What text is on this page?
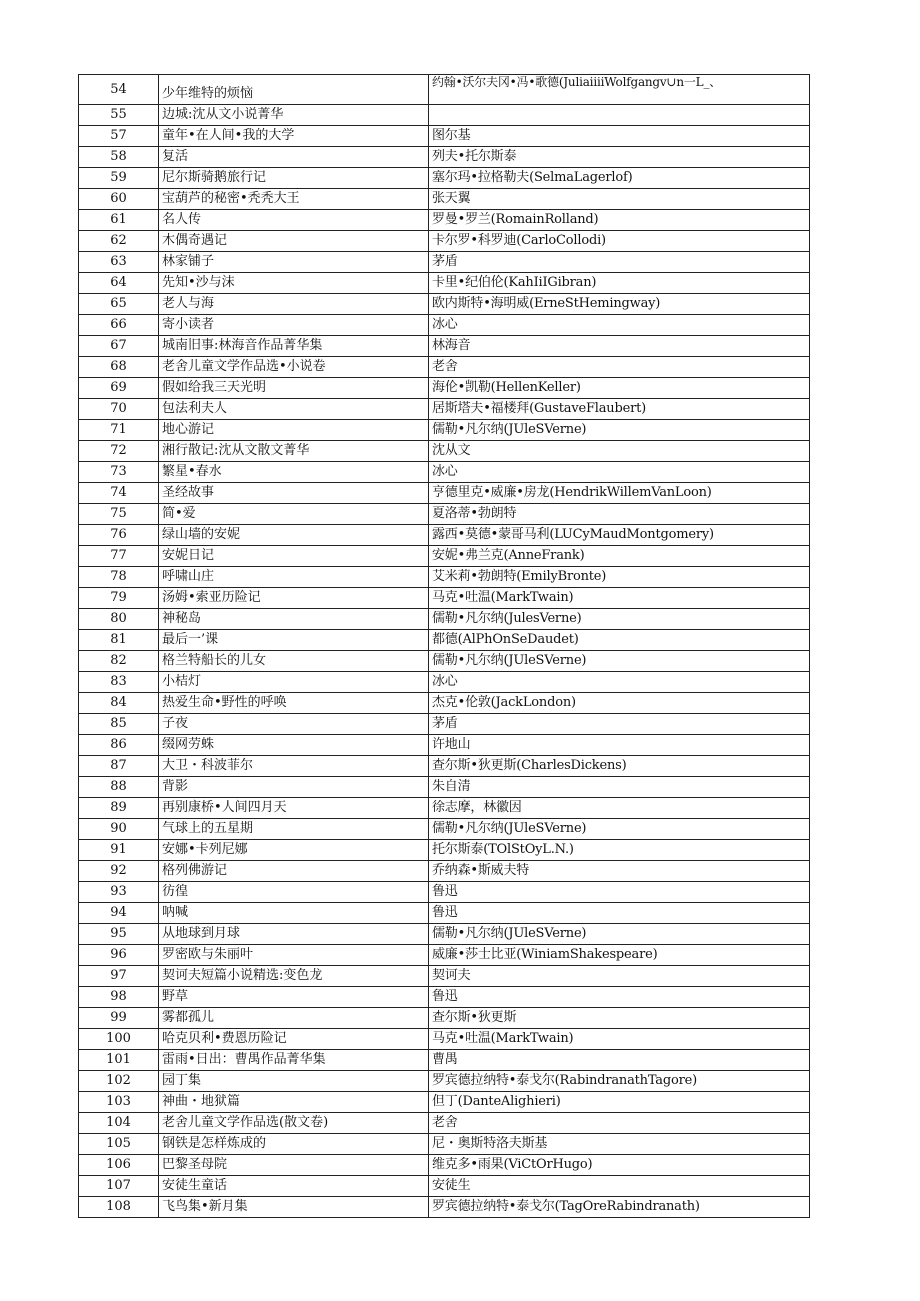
54	少年维特的烦恼	约翰•沃尔夫冈•冯•歌德(JuliaiiiiWolfgangv∪n一L_、
55	边城:沈从文小说菁华	
57	童年•在人间•我的大学	图尔基
58	复活	列夫•托尔斯泰
59	尼尔斯骑鹅旅行记	塞尔玛•拉格勒夫(SelmaLagerlof)
60	宝葫芦的秘密•秃秃大王	张天翼
61	名人传	罗曼•罗兰(RomainRolland)
62	木偶奇遇记	卡尔罗•科罗迪(CarloCollodi)
63	林家铺子	茅盾
64	先知•沙与沫	卡里•纪伯伦(KahIiIGibran)
65	老人与海	欧内斯特•海明威(ErneStHemingway)
66	寄小读者	冰心
67	城南旧事:林海音作品菁华集	林海音
68	老舍儿童文学作品选•小说卷	老舍
69	假如给我三天光明	海伦•凯勒(HellenKeller)
70	包法利夫人	居斯塔夫•福楼拜(GustaveFlaubert)
71	地心游记	儒勒•凡尔纳(JUleSVerne)
72	湘行散记:沈从文散文菁华	沈从文
73	繁星•春水	冰心
74	圣经故事	亨德里克•威廉•房龙(HendrikWillemVanLoon)
75	简•爱	夏洛蒂•勃朗特
76	绿山墙的安妮	露西•莫德•蒙哥马利(LUCyMaudMontgomery)
77	安妮日记	安妮•弗兰克(AnneFrank)
78	呼啸山庄	艾米莉•勃朗特(EmilyBronte)
79	汤姆•索亚历险记	马克•吐温(MarkTwain)
80	神秘岛	儒勒•凡尔纳(JulesVerne)
81	最后一’课	都德(AlPhOnSeDaudet)
82	格兰特船长的儿女	儒勒•凡尔纳(JUleSVerne)
83	小桔灯	冰心
84	热爱生命•野性的呼唤	杰克•伦敦(JackLondon)
85	子夜	茅盾
86	缀网劳蛛	许地山
87	大卫・科波菲尔	查尔斯•狄更斯(CharlesDickens)
88	背影	朱自清
89	再别康桥•人间四月天	徐志摩，林徽因
90	气球上的五星期	儒勒•凡尔纳(JUleSVerne)
91	安娜•卡列尼娜	托尔斯泰(TOlStOyL.N.)
92	格列佛游记	乔纳森•斯威夫特
93	彷徨	鲁迅
94	呐喊	鲁迅
95	从地球到月球	儒勒•凡尔纳(JUleSVerne)
96	罗密欧与朱丽叶	威廉•莎士比亚(WiniamShakespeare)
97	契诃夫短篇小说精选:变色龙	契诃夫
98	野草	鲁迅
99	雾都孤儿	查尔斯•狄更斯
100	哈克贝利•费恩历险记	马克•吐温(MarkTwain)
101	雷雨•日出：曹禺作品菁华集	曹禺
102	园丁集	罗宾德拉纳特•泰戈尔(RabindranathTagore)
103	神曲・地狱篇	但丁(DanteAlighieri)
104	老舍儿童文学作品选(散文卷)	老舍
105	钢铁是怎样炼成的	尼・奥斯特洛夫斯基
106	巴黎圣母院	维克多•雨果(ViCtOrHugo)
107	安徒生童话	安徒生
108	飞鸟集•新月集	罗宾德拉纳特•泰戈尔(TagOreRabindranath)
